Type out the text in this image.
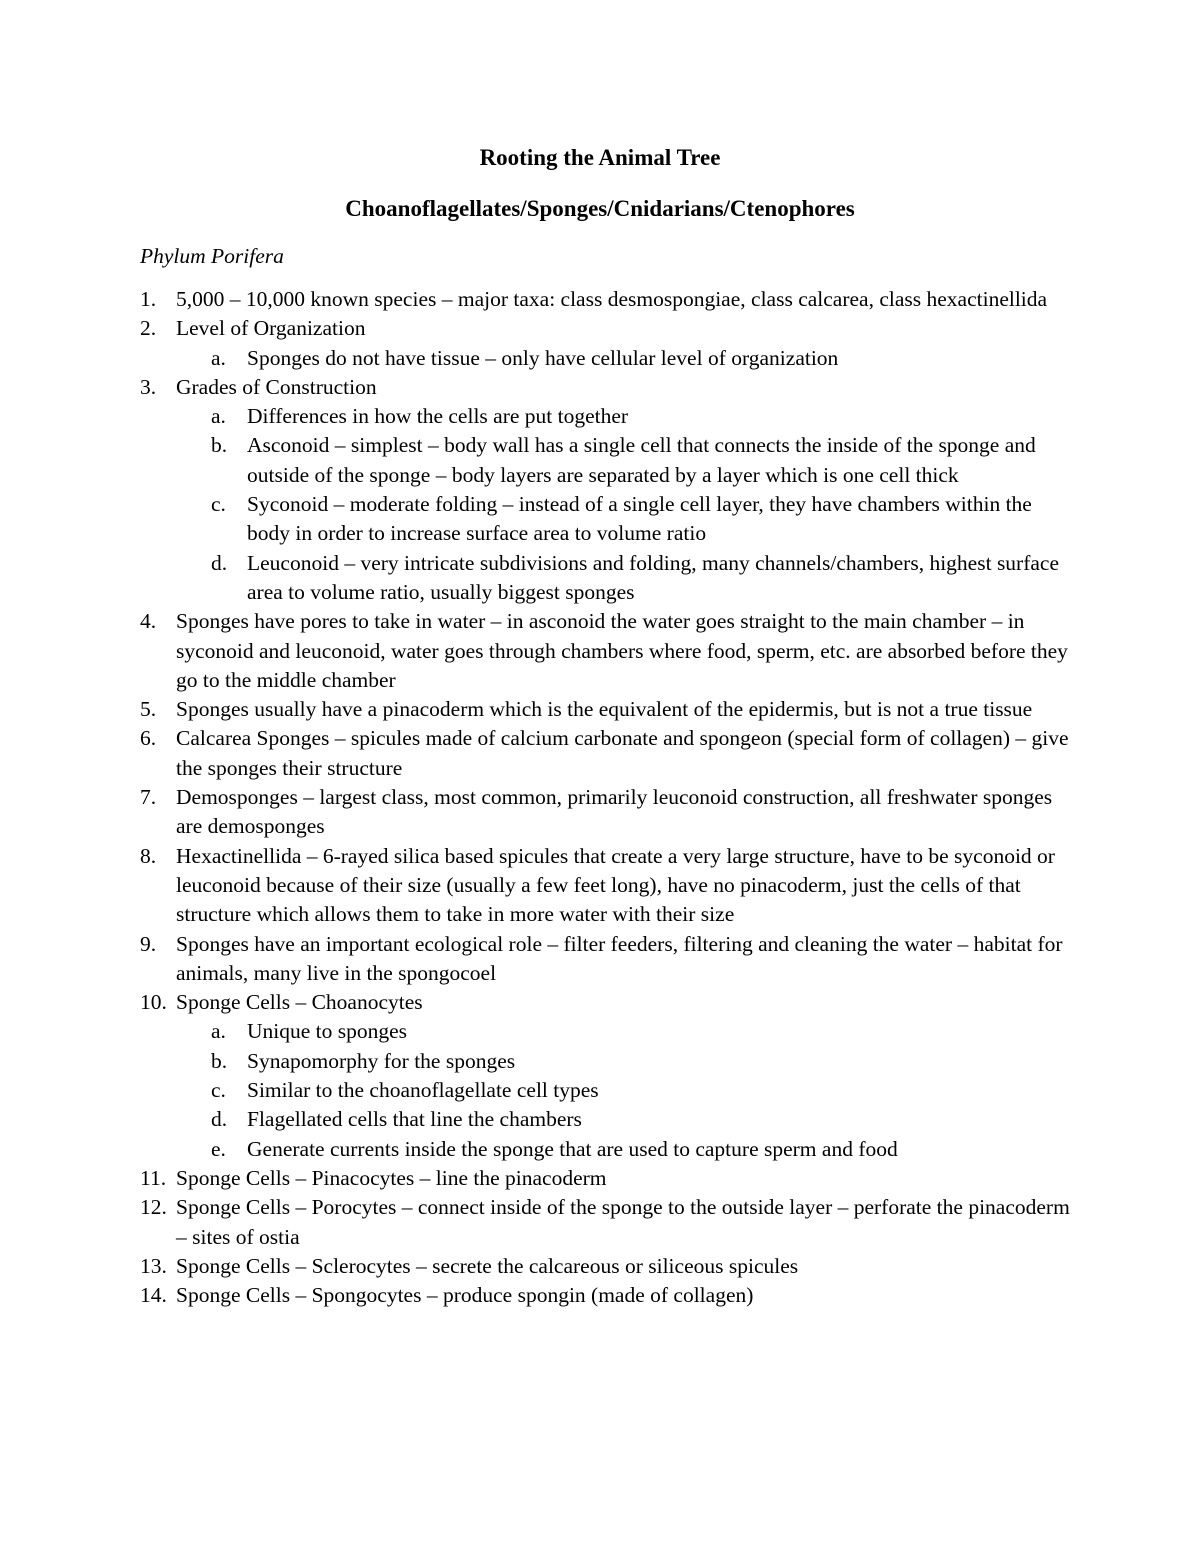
Rooting the Animal Tree
Choanoflagellates/Sponges/Cnidarians/Ctenophores
Phylum Porifera
1. 5,000 – 10,000 known species – major taxa: class desmospongiae, class calcarea, class hexactinellida
2. Level of Organization
a. Sponges do not have tissue – only have cellular level of organization
3. Grades of Construction
a. Differences in how the cells are put together
b. Asconoid – simplest – body wall has a single cell that connects the inside of the sponge and outside of the sponge – body layers are separated by a layer which is one cell thick
c. Syconoid – moderate folding – instead of a single cell layer, they have chambers within the body in order to increase surface area to volume ratio
d. Leuconoid – very intricate subdivisions and folding, many channels/chambers, highest surface area to volume ratio, usually biggest sponges
4. Sponges have pores to take in water – in asconoid the water goes straight to the main chamber – in syconoid and leuconoid, water goes through chambers where food, sperm, etc. are absorbed before they go to the middle chamber
5. Sponges usually have a pinacoderm which is the equivalent of the epidermis, but is not a true tissue
6. Calcarea Sponges – spicules made of calcium carbonate and spongeon (special form of collagen) – give the sponges their structure
7. Demosponges – largest class, most common, primarily leuconoid construction, all freshwater sponges are demosponges
8. Hexactinellida – 6-rayed silica based spicules that create a very large structure, have to be syconoid or leuconoid because of their size (usually a few feet long), have no pinacoderm, just the cells of that structure which allows them to take in more water with their size
9. Sponges have an important ecological role – filter feeders, filtering and cleaning the water – habitat for animals, many live in the spongocoel
10. Sponge Cells – Choanocytes
a. Unique to sponges
b. Synapomorphy for the sponges
c. Similar to the choanoflagellate cell types
d. Flagellated cells that line the chambers
e. Generate currents inside the sponge that are used to capture sperm and food
11. Sponge Cells – Pinacocytes – line the pinacoderm
12. Sponge Cells – Porocytes – connect inside of the sponge to the outside layer – perforate the pinacoderm – sites of ostia
13. Sponge Cells – Sclerocytes – secrete the calcareous or siliceous spicules
14. Sponge Cells – Spongocytes – produce spongin (made of collagen)
